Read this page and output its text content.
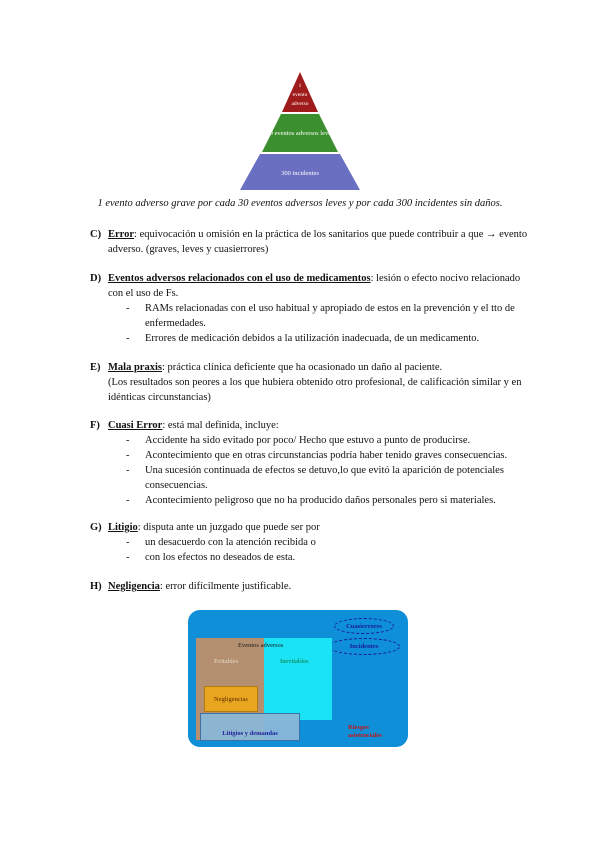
1
evento
adverso
30 eventos adversos leves
300 incidentes
1 evento adverso grave por cada 30 eventos adversos leves y por cada 300 incidentes sin daños.
C) Error: equivocación u omisión en la práctica de los sanitarios que puede contribuir a que → evento adverso. (graves, leves y cuasierrores)
D) Eventos adversos relacionados con el uso de medicamentos: lesión o efecto nocivo relacionado con el uso de Fs.
- RAMs relacionadas con el uso habitual y apropiado de estos en la prevención y el tto de enfermedades.
- Errores de medicación debidos a la utilización inadecuada, de un medicamento.
E) Mala praxis: práctica clínica deficiente que ha ocasionado un daño al paciente.
(Los resultados son peores a los que hubiera obtenido otro profesional, de calificación similar y en idénticas circunstancias)
F) Cuasi Error: está mal definida, incluye:
- Accidente ha sido evitado por poco/ Hecho que estuvo a punto de producirse.
- Acontecimiento que en otras circunstancias podría haber tenido graves consecuencias.
- Una sucesión continuada de efectos se detuvo,lo que evitó la aparición de potenciales consecuencias.
- Acontecimiento peligroso que no ha producido daños personales pero si materiales.
G) Litigio: disputa ante un juzgado que puede ser por
- un desacuerdo con la atención recibida o
- con los efectos no deseados de esta.
H) Negligencia: error difícilmente justificable.
Cuasierrores
Incidentes
Inevitables
Evitables
Eventos adversos
Negligencias
Litigios y demandas
Riesgos
asistenciales
